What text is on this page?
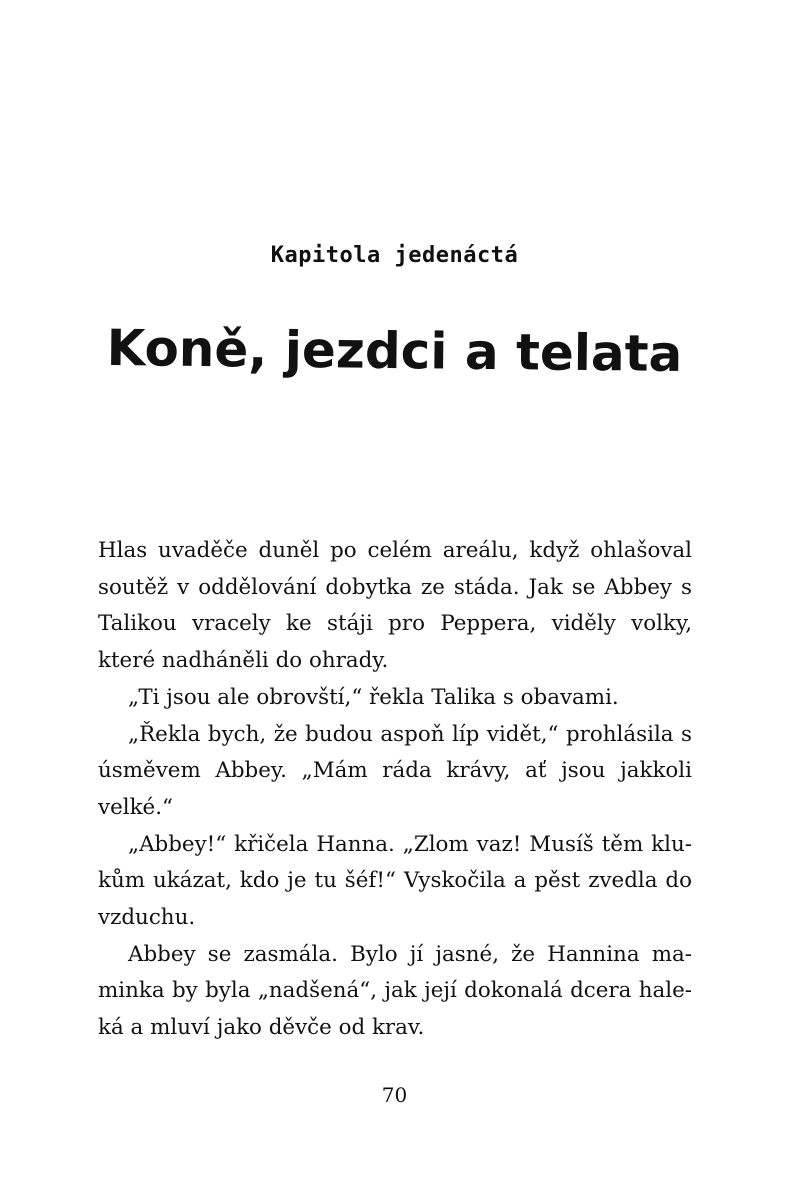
Kapitola jedenáctá
Koně, jezdci a telata

Hlas uvaděče duněl po celém areálu, když ohlašoval soutěž v oddělování dobytka ze stáda. Jak se Abbey s Talikou vracely ke stáji pro Peppera, viděly volky, které nadháněli do ohrady.

„Ti jsou ale obrovští,“ řekla Talika s obavami.

„Řekla bych, že budou aspoň líp vidět,“ prohlásila s úsměvem Abbey. „Mám ráda krávy, ať jsou jakkoli velké.“

„Abbey!“ křičela Hanna. „Zlom vaz! Musíš těm klukům ukázat, kdo je tu šéf!“ Vyskočila a pěst zvedla do vzduchu.

Abbey se zasmála. Bylo jí jasné, že Hannina maminka by byla „nadšená“, jak její dokonalá dcera haleká a mluví jako děvče od krav.

70
